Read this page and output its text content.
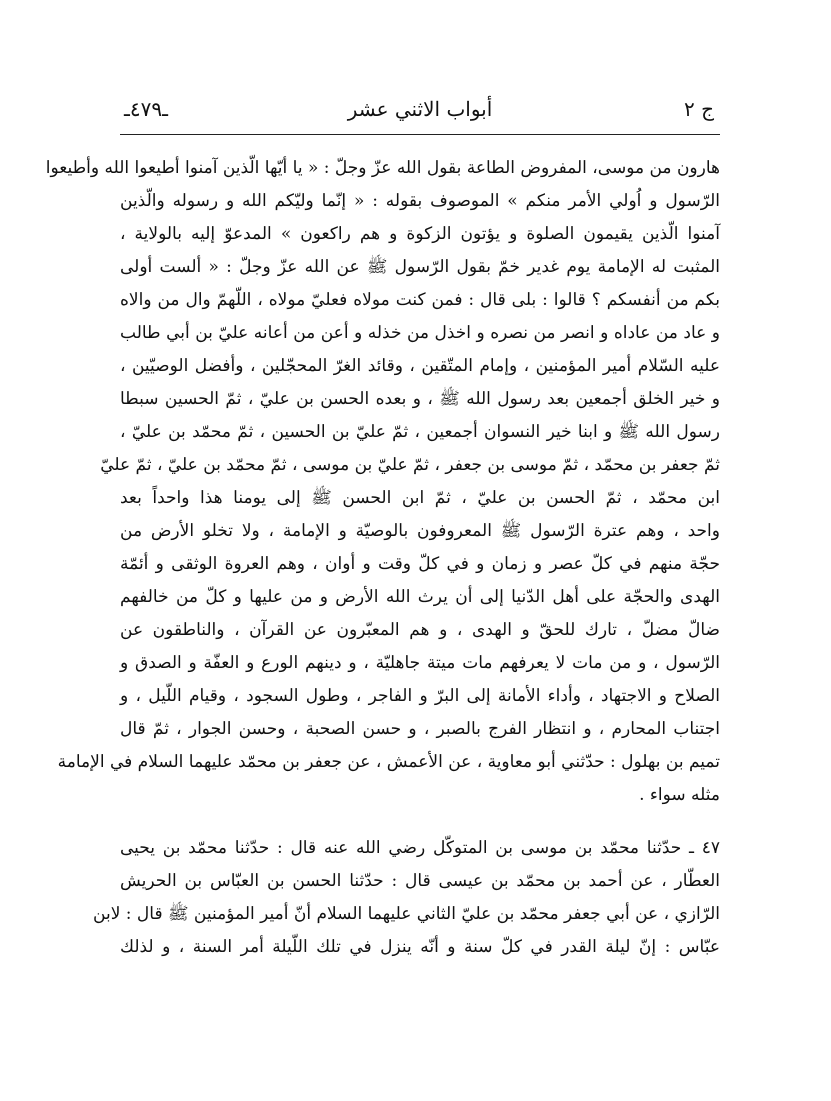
ـ٤٧٩ـ	أبواب الاثني عشر	ج ٢
هارون من موسى، المفروض الطاعة بقول الله عزّ وجلّ : « يا أيّها الّذين آمنوا أطيعوا الله وأطيعوا
الرّسول و اُولي الأمر منكم » الموصوف بقوله : « إنّما وليّكم الله و رسوله والّذين
آمنوا الّذين يقيمون الصلوة و يؤتون الزكوة و هم راكعون » المدعوّ إليه بالولاية ،
المثبت له الإمامة يوم غدير خمّ بقول الرّسول ﷺ عن الله عزّ وجلّ : « ألست أولى
بكم من أنفسكم ؟ قالوا : بلى قال : فمن كنت مولاه فعليّ مولاه ، اللّهمّ وال من والاه
و عاد من عاداه و انصر من نصره و اخذل من خذله و أعن من أعانه عليّ بن أبي طالب
عليه السّلام أمير المؤمنين ، وإمام المتّقين ، وقائد الغرّ المحجّلين ، وأفضل الوصيّين ،
و خير الخلق أجمعين بعد رسول الله ﷺ ، و بعده الحسن بن عليّ ، ثمّ الحسين سبطا
رسول الله ﷺ و ابنا خير النسوان أجمعين ، ثمّ عليّ بن الحسين ، ثمّ محمّد بن عليّ ،
ثمّ جعفر بن محمّد ، ثمّ موسى بن جعفر ، ثمّ عليّ بن موسى ، ثمّ محمّد بن عليّ ، ثمّ عليّ
ابن محمّد ، ثمّ الحسن بن عليّ ، ثمّ ابن الحسن ﷺ إلى يومنا هذا واحداً بعد
واحد ، وهم عترة الرّسول ﷺ المعروفون بالوصيّة و الإمامة ، ولا تخلو الأرض من
حجّة منهم في كلّ عصر و زمان و في كلّ وقت و أوان ، وهم العروة الوثقى و أئمّة
الهدى والحجّة على أهل الدّنيا إلى أن يرث الله الأرض و من عليها و كلّ من خالفهم
ضالّ مضلّ ، تارك للحقّ و الهدى ، و هم المعبّرون عن القرآن ، والناطقون عن
الرّسول ، و من مات لا يعرفهم مات ميتة جاهليّة ، و دينهم الورع و العفّة و الصدق و
الصلاح و الاجتهاد ، وأداء الأمانة إلى البرّ و الفاجر ، وطول السجود ، وقيام اللّيل ، و
اجتناب المحارم ، و انتظار الفرج بالصبر ، و حسن الصحبة ، وحسن الجوار ، ثمّ قال
تميم بن بهلول : حدّثني أبو معاوية ، عن الأعمش ، عن جعفر بن محمّد عليهما السلام في الإمامة
مثله سواء .
٤٧ ـ حدّثنا محمّد بن موسى بن المتوكّل رضي الله عنه قال : حدّثنا محمّد بن يحيى
العطّار ، عن أحمد بن محمّد بن عيسى قال : حدّثنا الحسن بن العبّاس بن الحريش
الرّازي ، عن أبي جعفر محمّد بن عليّ الثاني عليهما السلام أنّ أمير المؤمنين ﷺ قال : لابن
عبّاس : إنّ ليلة القدر في كلّ سنة و أنّه ينزل في تلك اللّيلة أمر السنة ، و لذلك
